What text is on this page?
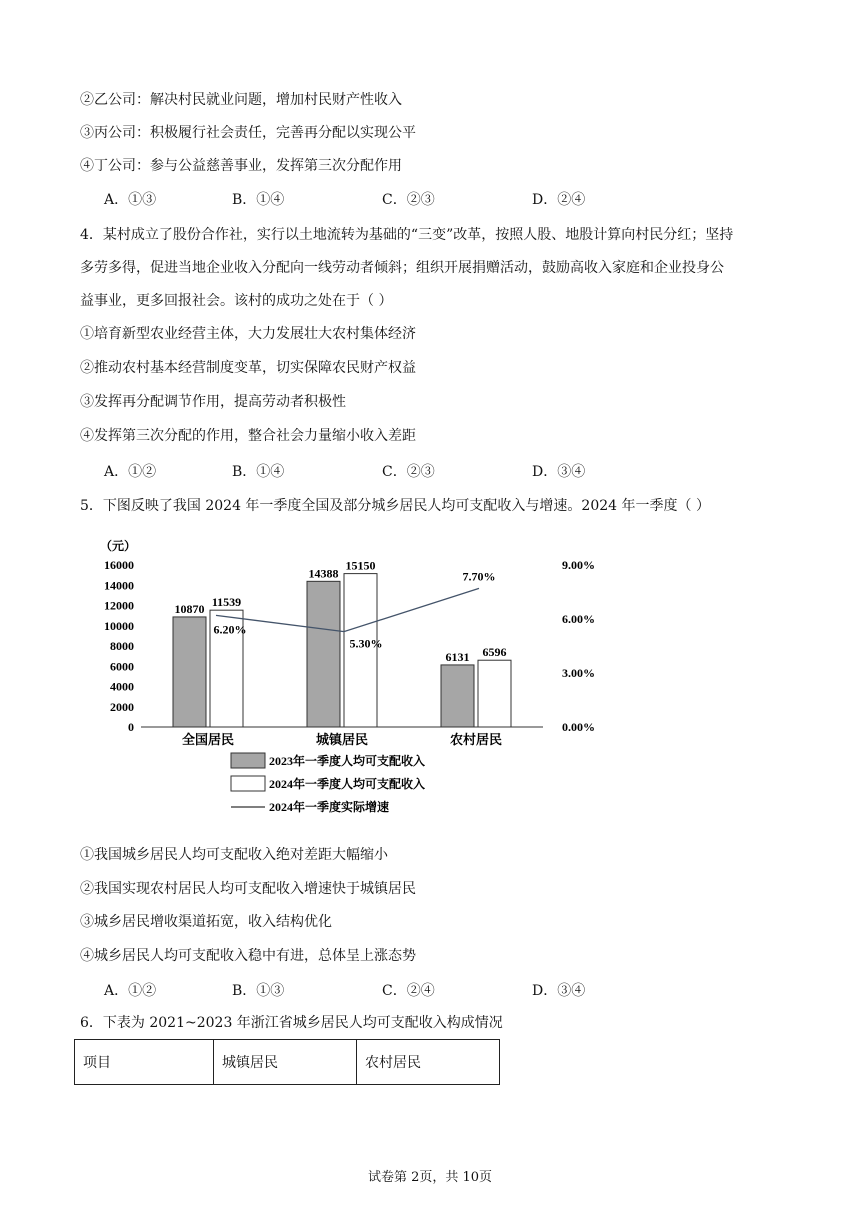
②乙公司：解决村民就业问题，增加村民财产性收入
③丙公司：积极履行社会责任，完善再分配以实现公平
④丁公司：参与公益慈善事业，发挥第三次分配作用
A．①③	B．①④	C．②③	D．②④
4．某村成立了股份合作社，实行以土地流转为基础的“三变”改革，按照人股、地股计算向村民分红；坚持
多劳多得，促进当地企业收入分配向一线劳动者倾斜；组织开展捐赠活动，鼓励高收入家庭和企业投身公
益事业，更多回报社会。该村的成功之处在于（ ）
①培育新型农业经营主体，大力发展壮大农村集体经济
②推动农村基本经营制度变革，切实保障农民财产权益
③发挥再分配调节作用，提高劳动者积极性
④发挥第三次分配的作用，整合社会力量缩小收入差距
A．①②	B．①④	C．②③	D．③④
5．下图反映了我国 2024 年一季度全国及部分城乡居民人均可支配收入与增速。2024 年一季度（ ）
（元）
0
2000
4000
6000
8000
10000
12000
14000
16000
0.00%
3.00%
6.00%
9.00%
全国居民
10870 11539
城镇居民
14388
15150
农村居民
6131 6596
6.20%
5.30%
7.70%
2023年一季度人均可支配收入
2024年一季度人均可支配收入
2024年一季度实际增速
①我国城乡居民人均可支配收入绝对差距大幅缩小
②我国实现农村居民人均可支配收入增速快于城镇居民
③城乡居民增收渠道拓宽，收入结构优化
④城乡居民人均可支配收入稳中有进，总体呈上涨态势
A．①②	B．①③	C．②④	D．③④
6．下表为 2021~2023 年浙江省城乡居民人均可支配收入构成情况
项目	城镇居民	农村居民
试卷第 2页，共 10页
